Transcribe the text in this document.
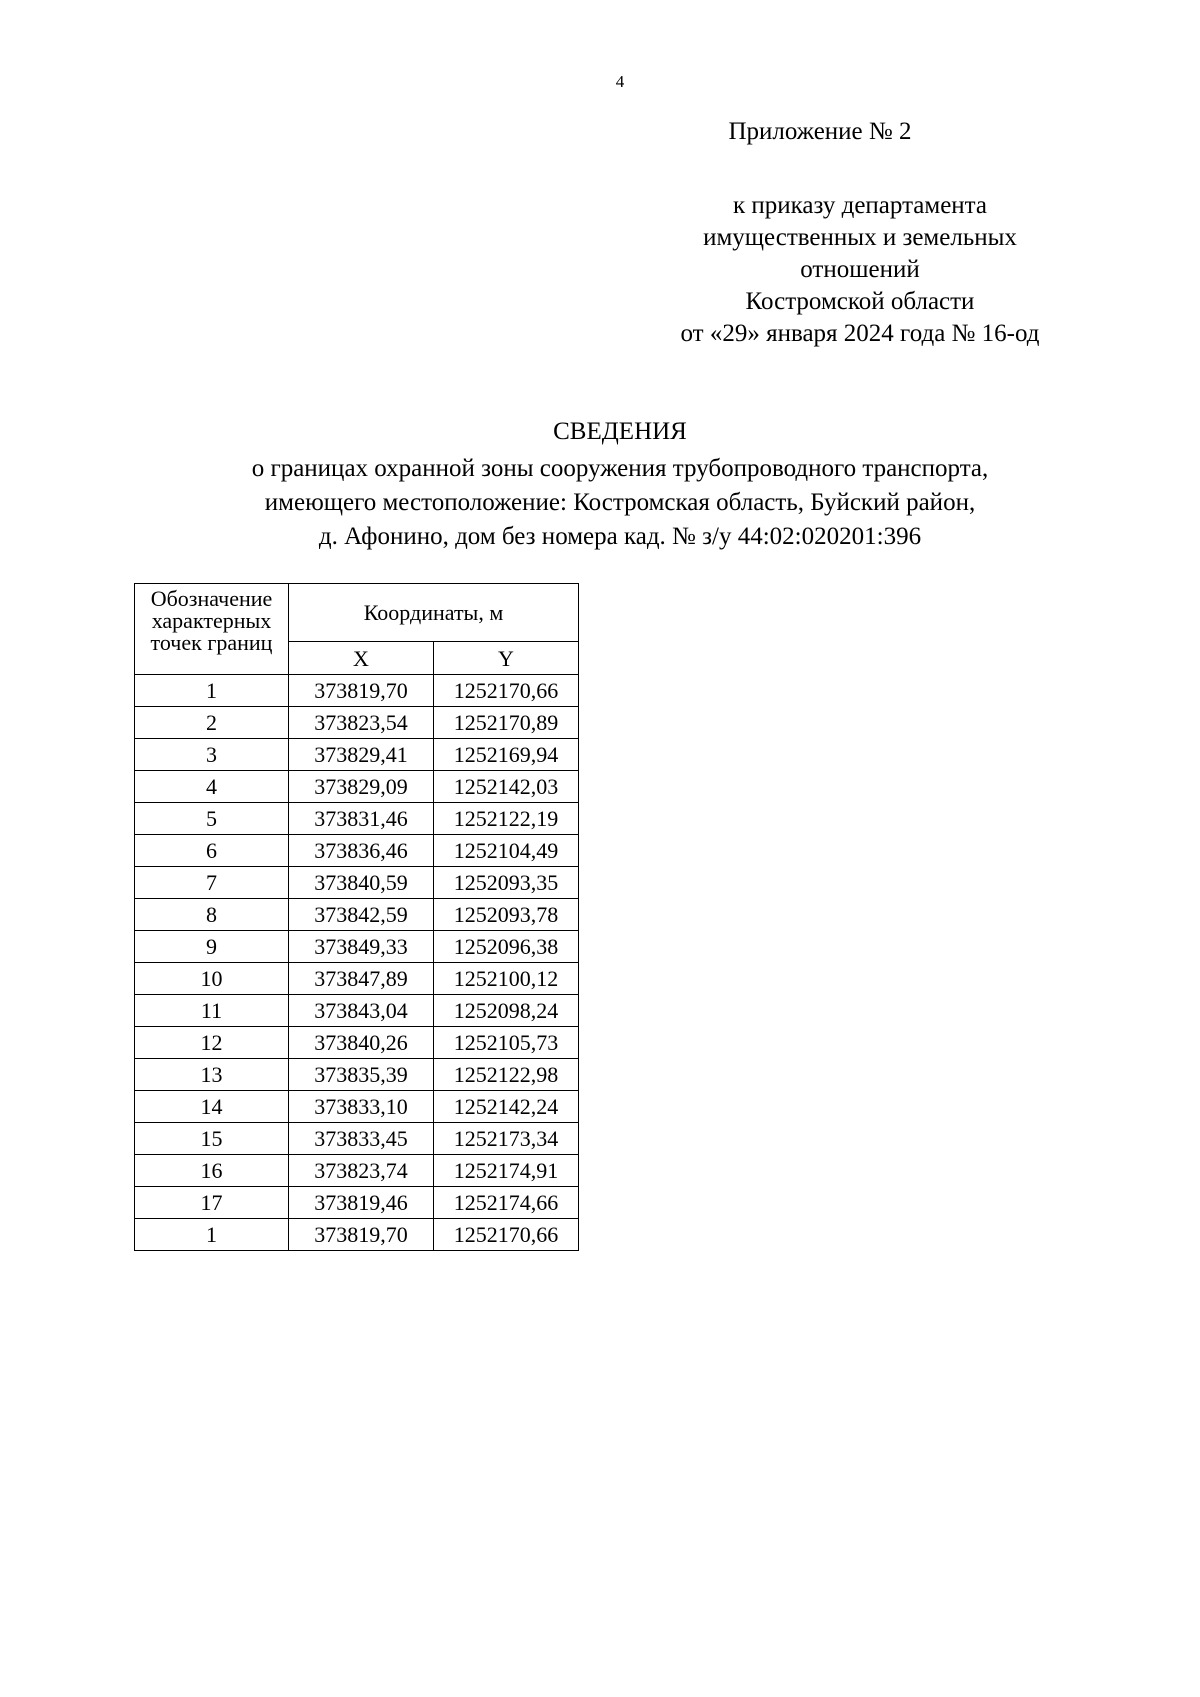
4
Приложение № 2
к приказу департамента
имущественных и земельных
отношений
Костромской области
от «29» января 2024 года № 16-од
СВЕДЕНИЯ
о границах охранной зоны сооружения трубопроводного транспорта,
имеющего местоположение: Костромская область, Буйский район,
д. Афонино, дом без номера кад. № з/у 44:02:020201:396
Обозначение
характерных
точек границ	Координаты, м	
	X	Y
1	373819,70	1252170,66
2	373823,54	1252170,89
3	373829,41	1252169,94
4	373829,09	1252142,03
5	373831,46	1252122,19
6	373836,46	1252104,49
7	373840,59	1252093,35
8	373842,59	1252093,78
9	373849,33	1252096,38
10	373847,89	1252100,12
11	373843,04	1252098,24
12	373840,26	1252105,73
13	373835,39	1252122,98
14	373833,10	1252142,24
15	373833,45	1252173,34
16	373823,74	1252174,91
17	373819,46	1252174,66
1	373819,70	1252170,66
